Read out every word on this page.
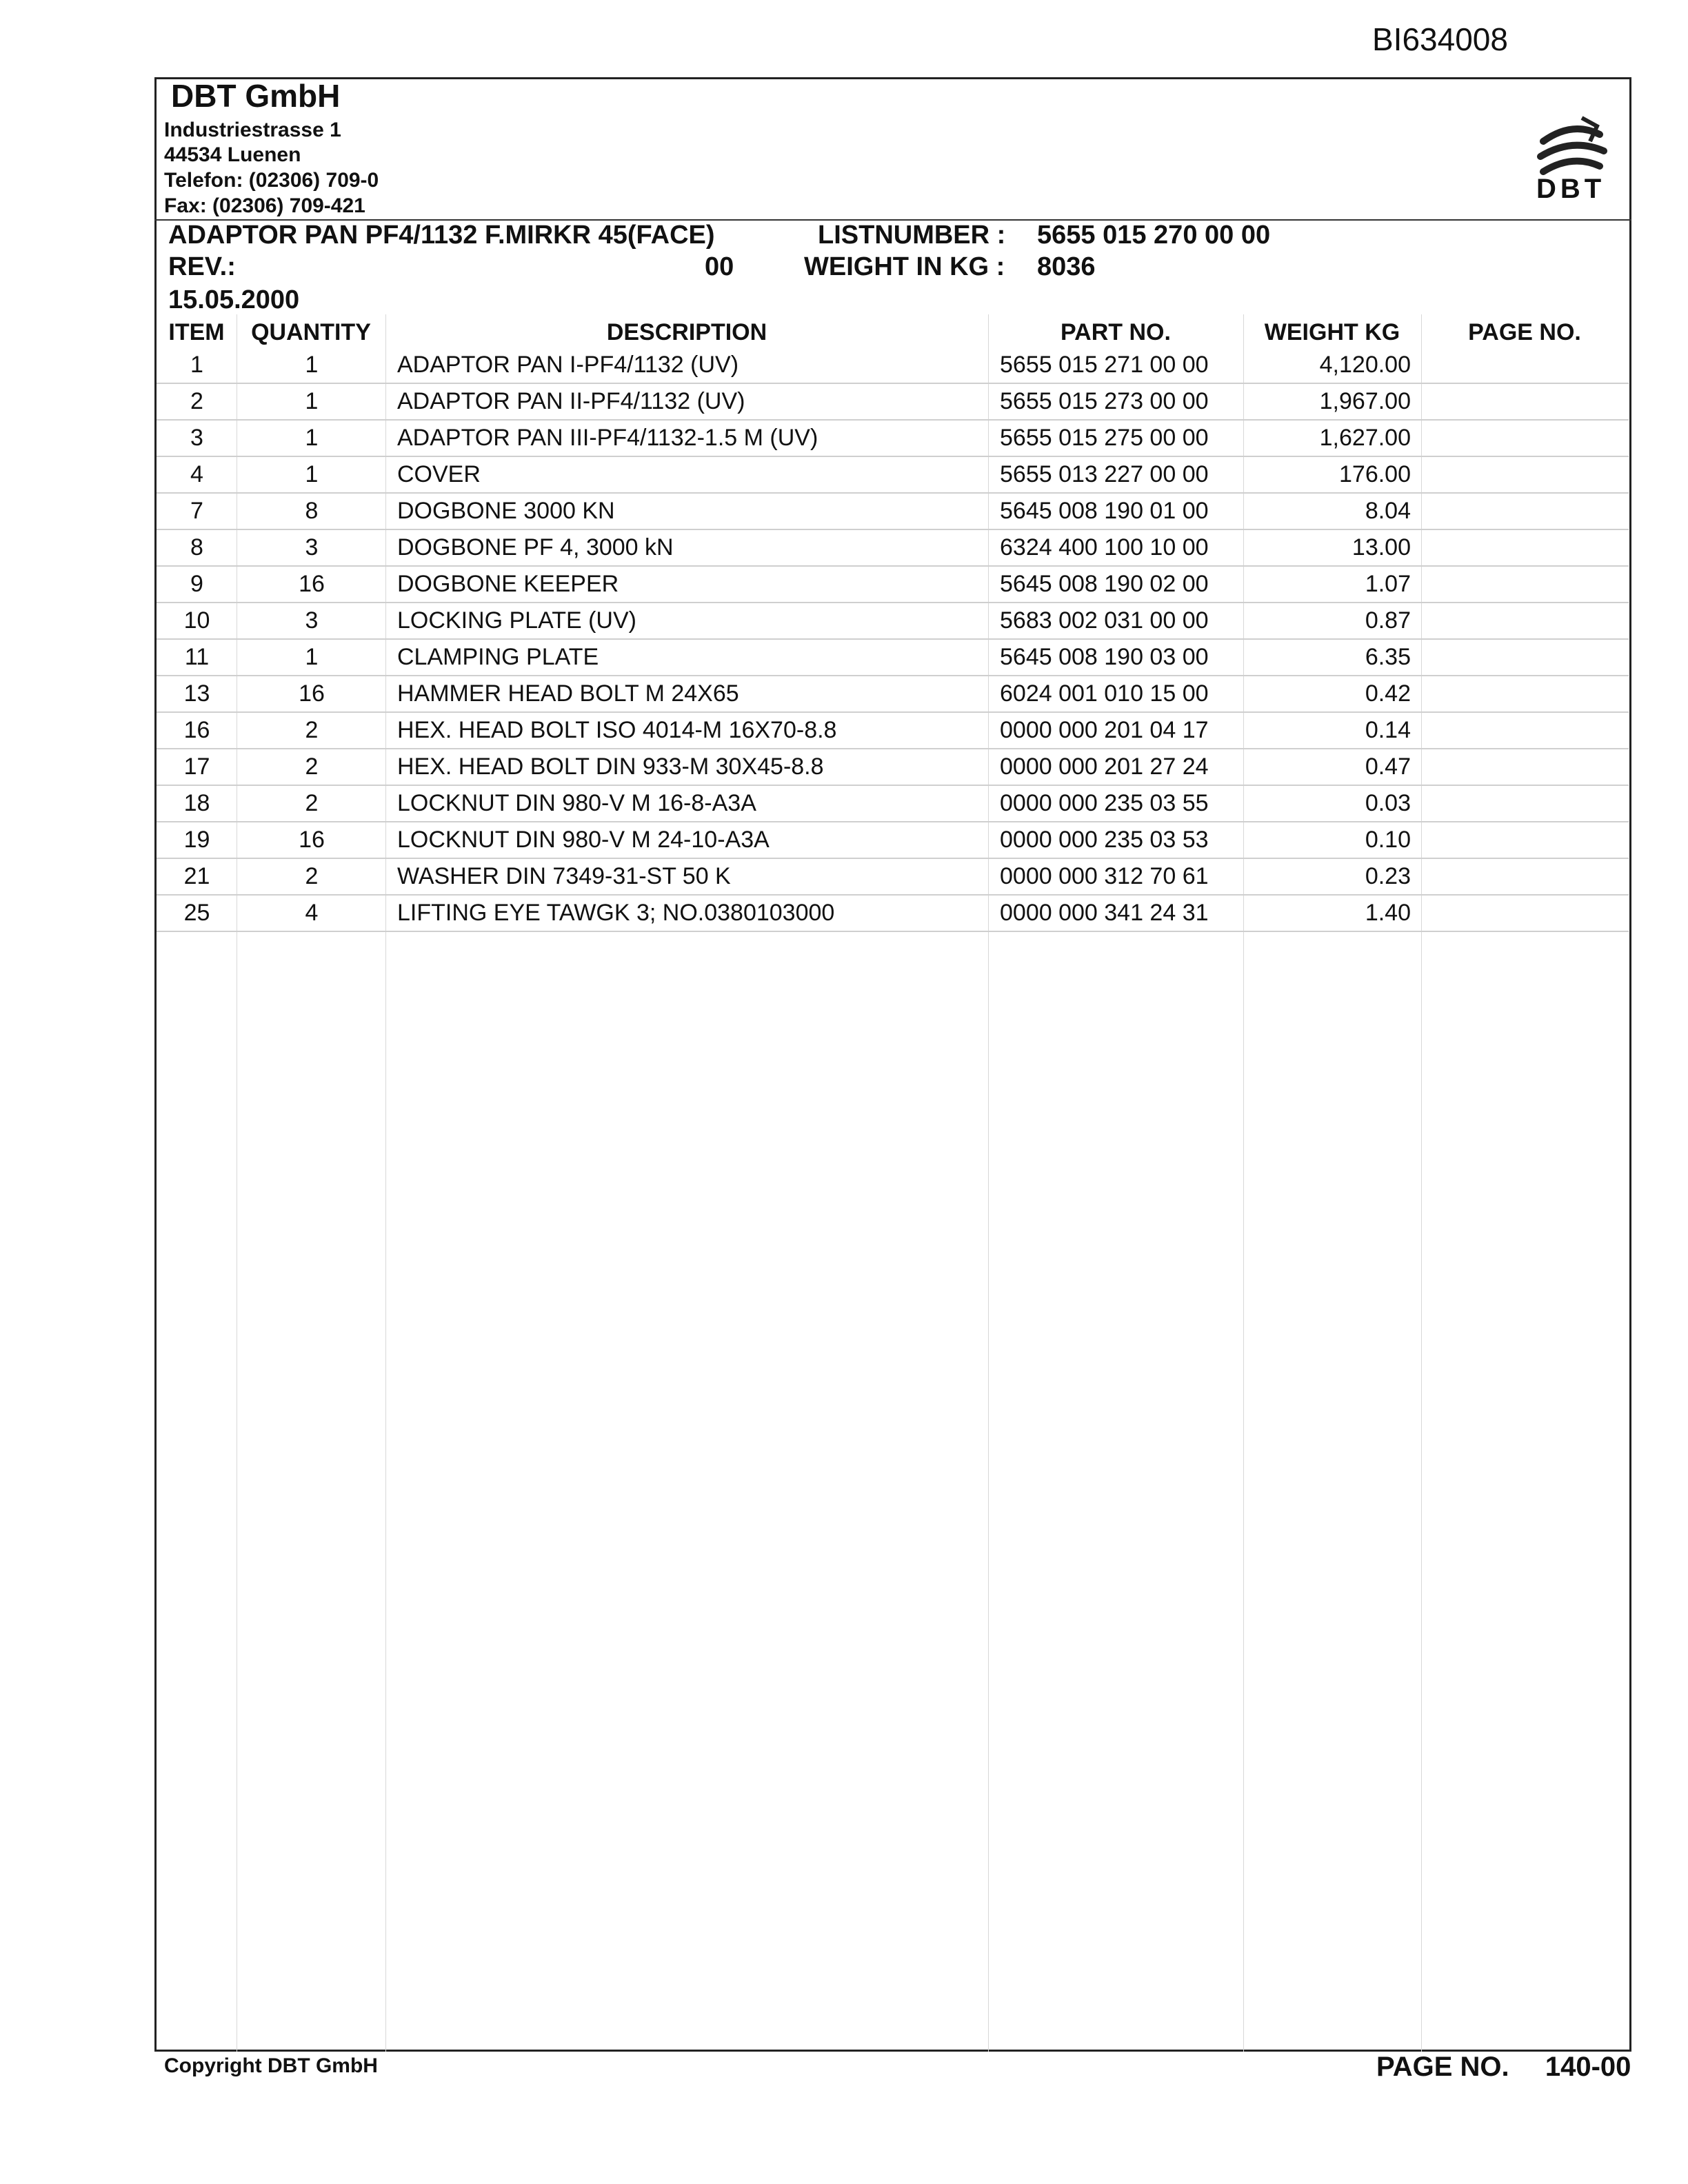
BI634008
DBT GmbH
Industriestrasse 1
44534 Luenen
Telefon: (02306) 709-0
Fax: (02306) 709-421
DBT
ADAPTOR PAN PF4/1132 F.MIRKR 45(FACE)	LISTNUMBER : 5655 015 270 00 00
REV.:	00	WEIGHT IN KG : 8036
15.05.2000
ITEM	QUANTITY	DESCRIPTION	PART NO.	WEIGHT KG	PAGE NO.
1	1	ADAPTOR PAN I-PF4/1132 (UV)	5655 015 271 00 00	4,120.00	
2	1	ADAPTOR PAN II-PF4/1132 (UV)	5655 015 273 00 00	1,967.00	
3	1	ADAPTOR PAN III-PF4/1132-1.5 M (UV)	5655 015 275 00 00	1,627.00	
4	1	COVER	5655 013 227 00 00	176.00	
7	8	DOGBONE 3000 KN	5645 008 190 01 00	8.04	
8	3	DOGBONE PF 4, 3000 kN	6324 400 100 10 00	13.00	
9	16	DOGBONE KEEPER	5645 008 190 02 00	1.07	
10	3	LOCKING PLATE (UV)	5683 002 031 00 00	0.87	
11	1	CLAMPING PLATE	5645 008 190 03 00	6.35	
13	16	HAMMER HEAD BOLT M 24X65	6024 001 010 15 00	0.42	
16	2	HEX. HEAD BOLT ISO 4014-M 16X70-8.8	0000 000 201 04 17	0.14	
17	2	HEX. HEAD BOLT DIN 933-M 30X45-8.8	0000 000 201 27 24	0.47	
18	2	LOCKNUT DIN 980-V M 16-8-A3A	0000 000 235 03 55	0.03	
19	16	LOCKNUT DIN 980-V M 24-10-A3A	0000 000 235 03 53	0.10	
21	2	WASHER DIN 7349-31-ST 50 K	0000 000 312 70 61	0.23	
25	4	LIFTING EYE TAWGK 3; NO.0380103000	0000 000 341 24 31	1.40	
Copyright DBT GmbH	PAGE NO. 140-00
